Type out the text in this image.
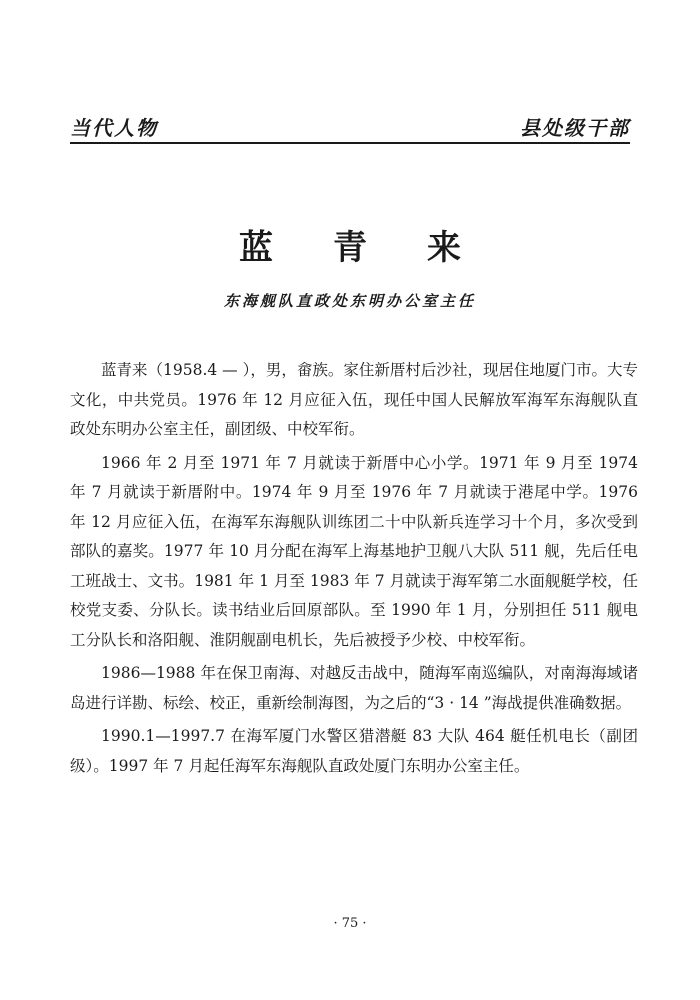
当代人物	县处级干部
蓝青来
东海舰队直政处东明办公室主任

蓝青来（1958.4 — ），男，畲族。家住新厝村后沙社，现居住地厦门市。大专文化，中共党员。1976 年 12 月应征入伍，现任中国人民解放军海军东海舰队直政处东明办公室主任，副团级、中校军衔。

1966 年 2 月至 1971 年 7 月就读于新厝中心小学。1971 年 9 月至 1974 年 7 月就读于新厝附中。1974 年 9 月至 1976 年 7 月就读于港尾中学。1976 年 12 月应征入伍，在海军东海舰队训练团二十中队新兵连学习十个月，多次受到部队的嘉奖。1977 年 10 月分配在海军上海基地护卫舰八大队 511 舰，先后任电工班战士、文书。1981 年 1 月至 1983 年 7 月就读于海军第二水面舰艇学校，任校党支委、分队长。读书结业后回原部队。至 1990 年 1 月，分别担任 511 舰电工分队长和洛阳舰、淮阴舰副电机长，先后被授予少校、中校军衔。

1986—1988 年在保卫南海、对越反击战中，随海军南巡编队，对南海海域诸岛进行详勘、标绘、校正，重新绘制海图，为之后的“3 · 14 ”海战提供准确数据。

1990.1—1997.7 在海军厦门水警区猎潜艇 83 大队 464 艇任机电长（副团级）。1997 年 7 月起任海军东海舰队直政处厦门东明办公室主任。

· 75 ·
